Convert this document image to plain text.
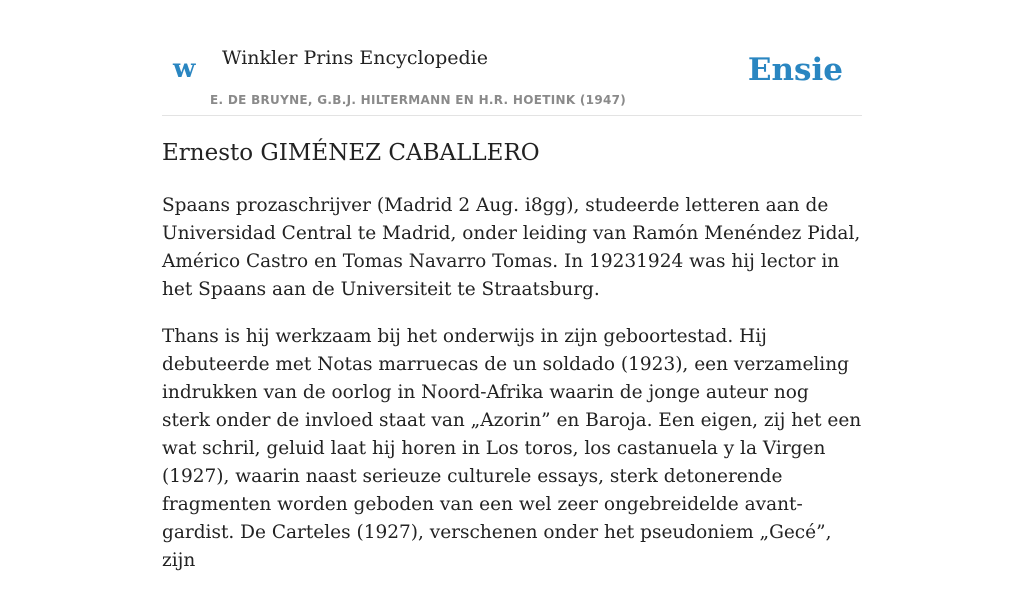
w Winkler Prins Encyclopedie
E. DE BRUYNE, G.B.J. HILTERMANN EN H.R. HOETINK (1947)
Ensie
Ernesto GIMÉNEZ CABALLERO

Spaans prozaschrijver (Madrid 2 Aug. i8gg), studeerde letteren aan de Universidad Central te Madrid, onder leiding van Ramón Menéndez Pidal, Américo Castro en Tomas Navarro Tomas. In 19231924 was hij lector in het Spaans aan de Universiteit te Straatsburg.

Thans is hij werkzaam bij het onderwijs in zijn geboortestad. Hij debuteerde met Notas marruecas de un soldado (1923), een verzameling indrukken van de oorlog in Noord-Afrika waarin de jonge auteur nog sterk onder de invloed staat van „Azorin” en Baroja. Een eigen, zij het een wat schril, geluid laat hij horen in Los toros, los castanuela y la Virgen (1927), waarin naast serieuze culturele essays, sterk detonerende fragmenten worden geboden van een wel zeer ongebreidelde avant-gardist. De Carteles (1927), verschenen onder het pseudoniem „Gecé”, zijn
